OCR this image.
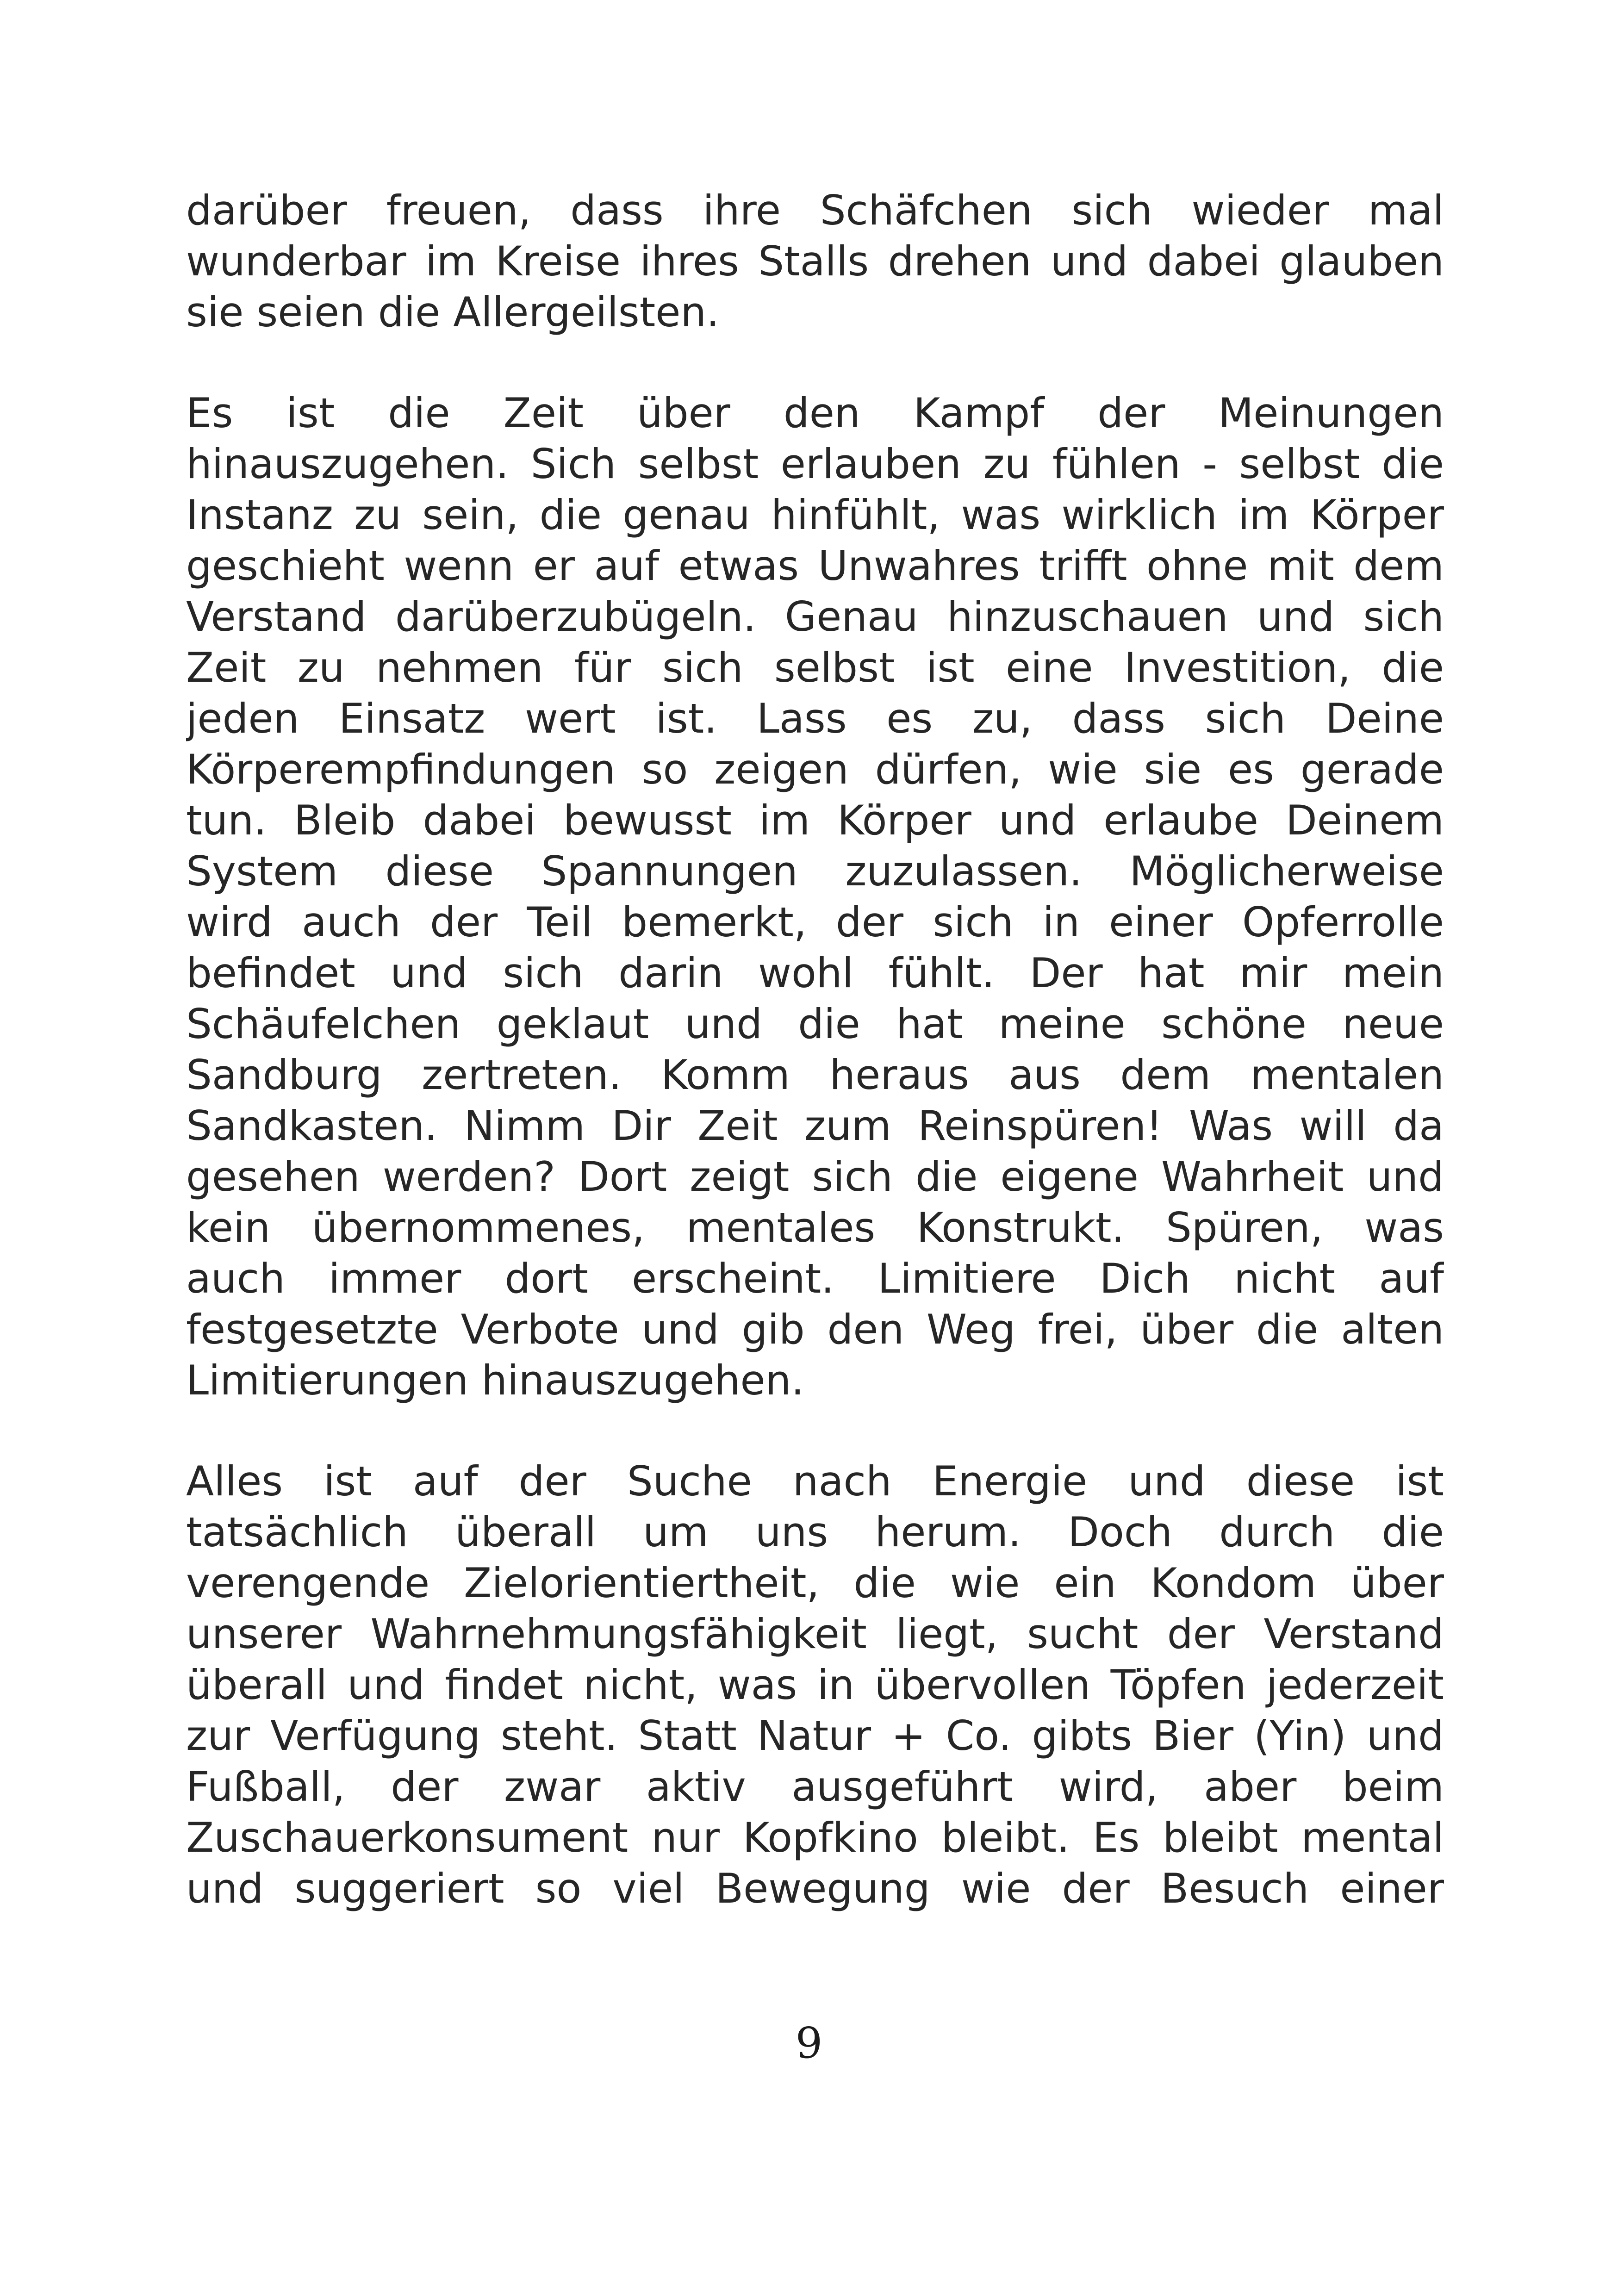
darüber freuen, dass ihre Schäfchen sich wieder mal
wunderbar im Kreise ihres Stalls drehen und dabei glauben
sie seien die Allergeilsten.
Es ist die Zeit über den Kampf der Meinungen
hinauszugehen. Sich selbst erlauben zu fühlen - selbst die
Instanz zu sein, die genau hinfühlt, was wirklich im Körper
geschieht wenn er auf etwas Unwahres trifft ohne mit dem
Verstand darüberzubügeln. Genau hinzuschauen und sich
Zeit zu nehmen für sich selbst ist eine Investition, die
jeden Einsatz wert ist. Lass es zu, dass sich Deine
Körperempfindungen so zeigen dürfen, wie sie es gerade
tun. Bleib dabei bewusst im Körper und erlaube Deinem
System diese Spannungen zuzulassen. Möglicherweise
wird auch der Teil bemerkt, der sich in einer Opferrolle
befindet und sich darin wohl fühlt. Der hat mir mein
Schäufelchen geklaut und die hat meine schöne neue
Sandburg zertreten. Komm heraus aus dem mentalen
Sandkasten. Nimm Dir Zeit zum Reinspüren! Was will da
gesehen werden? Dort zeigt sich die eigene Wahrheit und
kein übernommenes, mentales Konstrukt. Spüren, was
auch immer dort erscheint. Limitiere Dich nicht auf
festgesetzte Verbote und gib den Weg frei, über die alten
Limitierungen hinauszugehen.
Alles ist auf der Suche nach Energie und diese ist
tatsächlich überall um uns herum. Doch durch die
verengende Zielorientiertheit, die wie ein Kondom über
unserer Wahrnehmungsfähigkeit liegt, sucht der Verstand
überall und findet nicht, was in übervollen Töpfen jederzeit
zur Verfügung steht. Statt Natur + Co. gibts Bier (Yin) und
Fußball, der zwar aktiv ausgeführt wird, aber beim
Zuschauerkonsument nur Kopfkino bleibt. Es bleibt mental
und suggeriert so viel Bewegung wie der Besuch einer
9
